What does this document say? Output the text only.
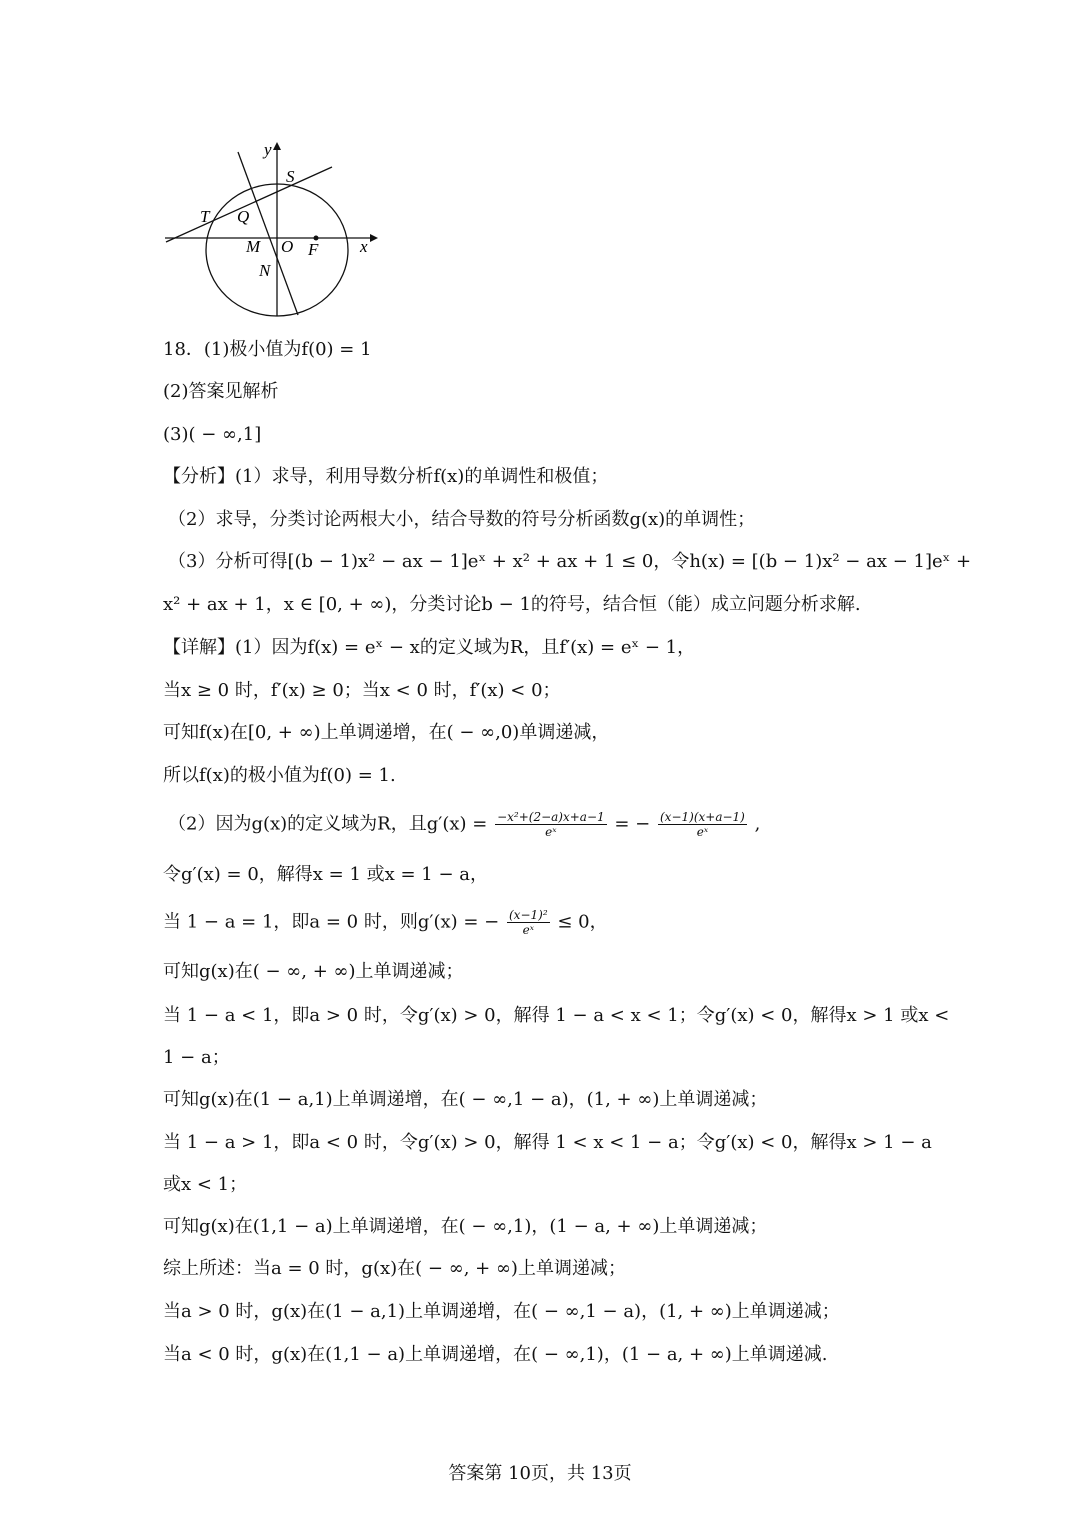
y
x
S
T Q
M O F
N
18．(1)极小值为f(0) = 1
(2)答案见解析
(3)( − ∞,1]
【分析】(1）求导，利用导数分析f(x)的单调性和极值；
（2）求导，分类讨论两根大小，结合导数的符号分析函数g(x)的单调性；
（3）分析可得[(b − 1)x² − ax − 1]eˣ + x² + ax + 1 ≤ 0，令h(x) = [(b − 1)x² − ax − 1]eˣ +
x² + ax + 1，x ∈ [0, + ∞)，分类讨论b − 1的符号，结合恒（能）成立问题分析求解.
【详解】(1）因为f(x) = eˣ − x的定义域为R，且f′(x) = eˣ − 1，
当x ≥ 0 时，f′(x) ≥ 0；当x < 0 时，f′(x) < 0；
可知f(x)在[0, + ∞)上单调递增，在( − ∞,0)单调递减，
所以f(x)的极小值为f(0) = 1.
（2）因为g(x)的定义域为R，且$g'(x) = \frac{\text{−x²+(2−a)x+a−1}}{\text{eˣ}}$ = − $\frac{(x-1)(x+a-1)}{\text{eˣ}}$ ,
令g′(x) = 0，解得x = 1 或x = 1 − a，
当 1 − a = 1，即a = 0 时，则g′(x) = − $\frac{\text{(x−1)²}}{\text{eˣ}} \le 0$，
可知g(x)在( − ∞, + ∞)上单调递减；
当 1 − a < 1，即a > 0 时，令g′(x) > 0，解得 1 − a < x < 1；令g′(x) < 0，解得x > 1 或x <
1 − a；
可知g(x)在(1 − a,1)上单调递增，在( − ∞,1 − a)，(1, + ∞)上单调递减；
当 1 − a > 1，即a < 0 时，令g′(x) > 0，解得 1 < x < 1 − a；令g′(x) < 0，解得x > 1 − a
或x < 1；
可知g(x)在(1,1 − a)上单调递增，在( − ∞,1)，(1 − a, + ∞)上单调递减；
综上所述：当a = 0 时，g(x)在( − ∞, + ∞)上单调递减；
当a > 0 时，g(x)在(1 − a,1)上单调递增，在( − ∞,1 − a)，(1, + ∞)上单调递减；
当a < 0 时，g(x)在(1,1 − a)上单调递增，在( − ∞,1)，(1 − a, + ∞)上单调递减.
答案第 10页，共 13页
